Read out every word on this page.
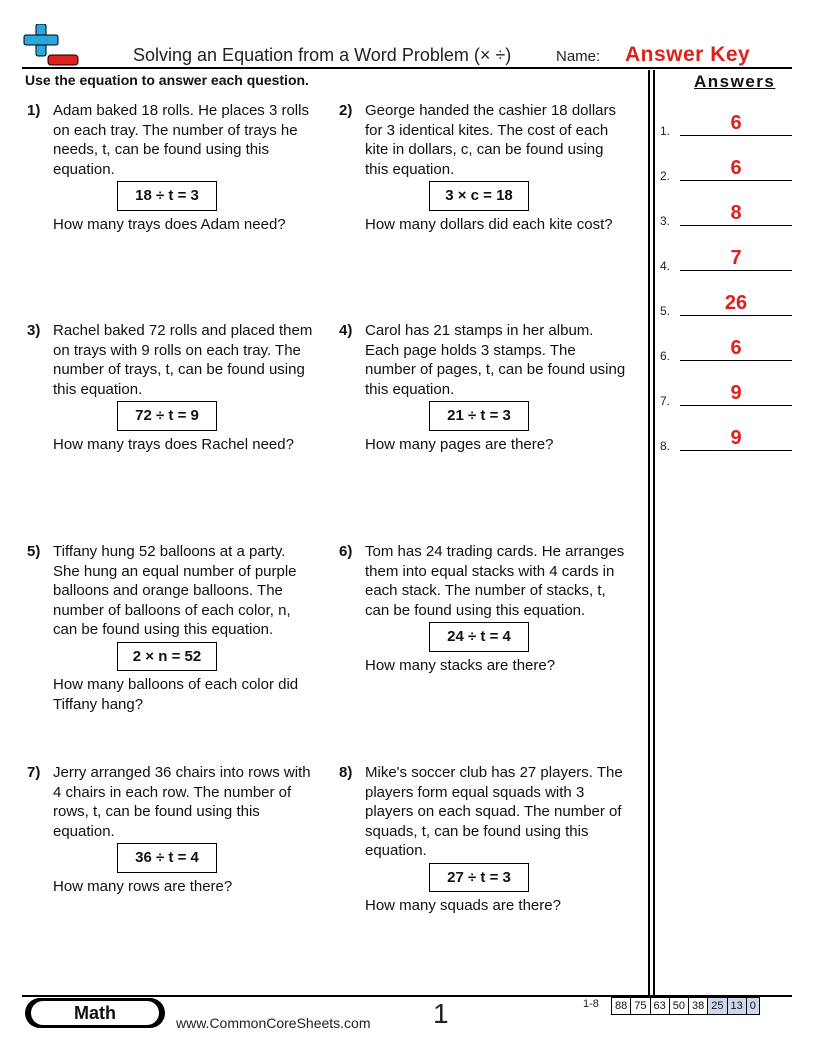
Solving an Equation from a Word Problem (× ÷)	Name: Answer Key
Use the equation to answer each question.	Answers
1) Adam baked 18 rolls. He places 3 rolls on each tray. The number of trays he needs, t, can be found using this equation.
18 ÷ t = 3
How many trays does Adam need?
2) George handed the cashier 18 dollars for 3 identical kites. The cost of each kite in dollars, c, can be found using this equation.
3 × c = 18
How many dollars did each kite cost?
3) Rachel baked 72 rolls and placed them on trays with 9 rolls on each tray. The number of trays, t, can be found using this equation.
72 ÷ t = 9
How many trays does Rachel need?
4) Carol has 21 stamps in her album. Each page holds 3 stamps. The number of pages, t, can be found using this equation.
21 ÷ t = 3
How many pages are there?
5) Tiffany hung 52 balloons at a party. She hung an equal number of purple balloons and orange balloons. The number of balloons of each color, n, can be found using this equation.
2 × n = 52
How many balloons of each color did Tiffany hang?
6) Tom has 24 trading cards. He arranges them into equal stacks with 4 cards in each stack. The number of stacks, t, can be found using this equation.
24 ÷ t = 4
How many stacks are there?
7) Jerry arranged 36 chairs into rows with 4 chairs in each row. The number of rows, t, can be found using this equation.
36 ÷ t = 4
How many rows are there?
8) Mike's soccer club has 27 players. The players form equal squads with 3 players on each squad. The number of squads, t, can be found using this equation.
27 ÷ t = 3
How many squads are there?
1.	6
2.	6
3.	8
4.	7
5.	26
6.	6
7.	9
8.	9
Math	www.CommonCoreSheets.com 1	1-8 88	75	63	50	38	25	13	0
